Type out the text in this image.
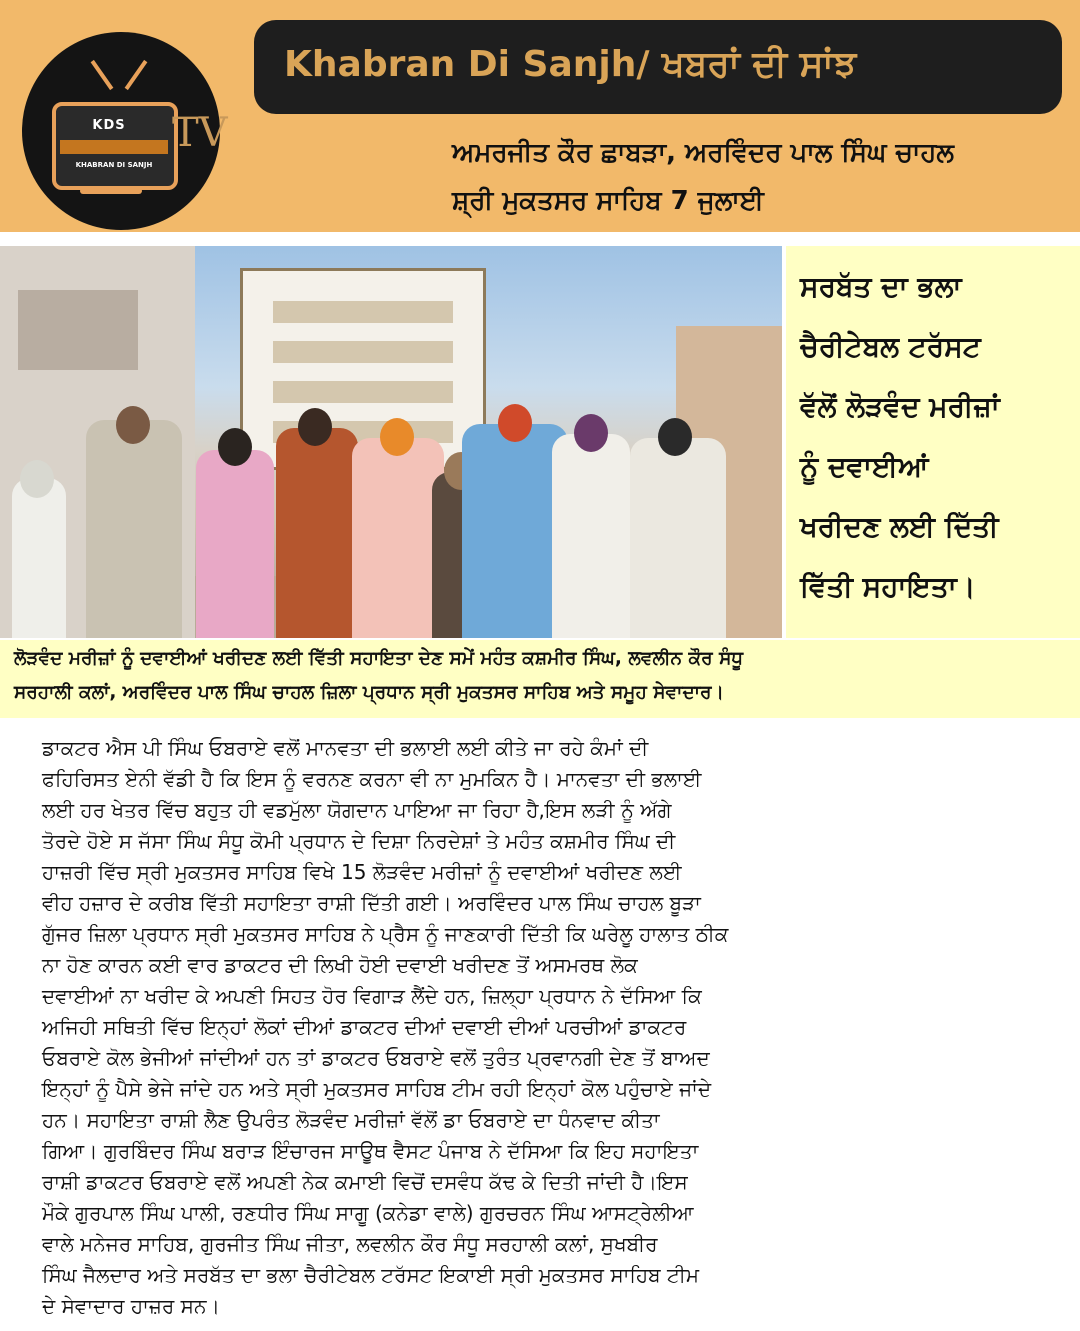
KDS
KHABRAN DI SANJH
TV
Khabran Di Sanjh/ ਖਬਰਾਂ ਦੀ ਸਾਂਝ
ਅਮਰਜੀਤ ਕੌਰ ਛਾਬੜਾ, ਅਰਵਿੰਦਰ ਪਾਲ ਸਿੰਘ ਚਾਹਲ
ਸ਼੍ਰੀ ਮੁਕਤਸਰ ਸਾਹਿਬ 7 ਜੁਲਾਈ
ਸਰਬੱਤ ਦਾ ਭਲਾ
ਚੈਰੀਟੇਬਲ ਟਰੱਸਟ
ਵੱਲੋਂ ਲੋੜਵੰਦ ਮਰੀਜ਼ਾਂ
ਨੂੰ ਦਵਾਈਆਂ
ਖਰੀਦਣ ਲਈ ਦਿੱਤੀ
ਵਿੱਤੀ ਸਹਾਇਤਾ।
ਲੋੜਵੰਦ ਮਰੀਜ਼ਾਂ ਨੂੰ ਦਵਾਈਆਂ ਖਰੀਦਣ ਲਈ ਵਿੱਤੀ ਸਹਾਇਤਾ ਦੇਣ ਸਮੇਂ ਮਹੰਤ ਕਸ਼ਮੀਰ ਸਿੰਘ, ਲਵਲੀਨ ਕੌਰ ਸੰਧੂ
ਸਰਹਾਲੀ ਕਲਾਂ, ਅਰਵਿੰਦਰ ਪਾਲ ਸਿੰਘ ਚਾਹਲ ਜ਼ਿਲਾ ਪ੍ਰਧਾਨ ਸ੍ਰੀ ਮੁਕਤਸਰ ਸਾਹਿਬ ਅਤੇ ਸਮੂਹ ਸੇਵਾਦਾਰ।
ਡਾਕਟਰ ਐਸ ਪੀ ਸਿੰਘ ਓਬਰਾਏ ਵਲੋਂ ਮਾਨਵਤਾ ਦੀ ਭਲਾਈ ਲਈ ਕੀਤੇ ਜਾ ਰਹੇ ਕੰਮਾਂ ਦੀ
ਫਹਿਰਿਸਤ ਏਨੀ ਵੱਡੀ ਹੈ ਕਿ ਇਸ ਨੂੰ ਵਰਨਣ ਕਰਨਾ ਵੀ ਨਾ ਮੁਮਕਿਨ ਹੈ। ਮਾਨਵਤਾ ਦੀ ਭਲਾਈ
ਲਈ ਹਰ ਖੇਤਰ ਵਿੱਚ ਬਹੁਤ ਹੀ ਵਡਮੁੱਲਾ ਯੋਗਦਾਨ ਪਾਇਆ ਜਾ ਰਿਹਾ ਹੈ,ਇਸ ਲੜੀ ਨੂੰ ਅੱਗੇ
ਤੋਰਦੇ ਹੋਏ ਸ ਜੱਸਾ ਸਿੰਘ ਸੰਧੂ ਕੋਮੀ ਪ੍ਰਧਾਨ ਦੇ ਦਿਸ਼ਾ ਨਿਰਦੇਸ਼ਾਂ ਤੇ ਮਹੰਤ ਕਸ਼ਮੀਰ ਸਿੰਘ ਦੀ
ਹਾਜ਼ਰੀ ਵਿੱਚ ਸ੍ਰੀ ਮੁਕਤਸਰ ਸਾਹਿਬ ਵਿਖੇ 15 ਲੋੜਵੰਦ ਮਰੀਜ਼ਾਂ ਨੂੰ ਦਵਾਈਆਂ ਖਰੀਦਣ ਲਈ
ਵੀਹ ਹਜ਼ਾਰ ਦੇ ਕਰੀਬ ਵਿੱਤੀ ਸਹਾਇਤਾ ਰਾਸ਼ੀ ਦਿੱਤੀ ਗਈ। ਅਰਵਿੰਦਰ ਪਾਲ ਸਿੰਘ ਚਾਹਲ ਬੂੜਾ
ਗੁੱਜਰ ਜ਼ਿਲਾ ਪ੍ਰਧਾਨ ਸ੍ਰੀ ਮੁਕਤਸਰ ਸਾਹਿਬ ਨੇ ਪ੍ਰੈਸ ਨੂੰ ਜਾਣਕਾਰੀ ਦਿੱਤੀ ਕਿ ਘਰੇਲੂ ਹਾਲਾਤ ਠੀਕ
ਨਾ ਹੋਣ ਕਾਰਨ ਕਈ ਵਾਰ ਡਾਕਟਰ ਦੀ ਲਿਖੀ ਹੋਈ ਦਵਾਈ ਖਰੀਦਣ ਤੋਂ ਅਸਮਰਥ ਲੋਕ
ਦਵਾਈਆਂ ਨਾ ਖਰੀਦ ਕੇ ਅਪਣੀ ਸਿਹਤ ਹੋਰ ਵਿਗਾੜ ਲੈਂਦੇ ਹਨ, ਜ਼ਿਲ੍ਹਾ ਪ੍ਰਧਾਨ ਨੇ ਦੱਸਿਆ ਕਿ
ਅਜਿਹੀ ਸਥਿਤੀ ਵਿੱਚ ਇਨ੍ਹਾਂ ਲੋਕਾਂ ਦੀਆਂ ਡਾਕਟਰ ਦੀਆਂ ਦਵਾਈ ਦੀਆਂ ਪਰਚੀਆਂ ਡਾਕਟਰ
ਓਬਰਾਏ ਕੋਲ ਭੇਜੀਆਂ ਜਾਂਦੀਆਂ ਹਨ ਤਾਂ ਡਾਕਟਰ ਓਬਰਾਏ ਵਲੋਂ ਤੁਰੰਤ ਪ੍ਰਵਾਨਗੀ ਦੇਣ ਤੋਂ ਬਾਅਦ
ਇਨ੍ਹਾਂ ਨੂੰ ਪੈਸੇ ਭੇਜੇ ਜਾਂਦੇ ਹਨ ਅਤੇ ਸ੍ਰੀ ਮੁਕਤਸਰ ਸਾਹਿਬ ਟੀਮ ਰਹੀ ਇਨ੍ਹਾਂ ਕੋਲ ਪਹੁੰਚਾਏ ਜਾਂਦੇ
ਹਨ। ਸਹਾਇਤਾ ਰਾਸ਼ੀ ਲੈਣ ਉਪਰੰਤ ਲੋੜਵੰਦ ਮਰੀਜ਼ਾਂ ਵੱਲੋਂ ਡਾ ਓਬਰਾਏ ਦਾ ਧੰਨਵਾਦ ਕੀਤਾ
ਗਿਆ। ਗੁਰਬਿੰਦਰ ਸਿੰਘ ਬਰਾੜ ਇੰਚਾਰਜ ਸਾਊਥ ਵੈਸਟ ਪੰਜਾਬ ਨੇ ਦੱਸਿਆ ਕਿ ਇਹ ਸਹਾਇਤਾ
ਰਾਸ਼ੀ ਡਾਕਟਰ ਓਬਰਾਏ ਵਲੋਂ ਅਪਣੀ ਨੇਕ ਕਮਾਈ ਵਿਚੋਂ ਦਸਵੰਧ ਕੱਢ ਕੇ ਦਿਤੀ ਜਾਂਦੀ ਹੈ।ਇਸ
ਮੌਕੇ ਗੁਰਪਾਲ ਸਿੰਘ ਪਾਲੀ, ਰਣਧੀਰ ਸਿੰਘ ਸਾਗੂ (ਕਨੇਡਾ ਵਾਲੇ) ਗੁਰਚਰਨ ਸਿੰਘ ਆਸਟ੍ਰੇਲੀਆ
ਵਾਲੇ ਮਨੇਜਰ ਸਾਹਿਬ, ਗੁਰਜੀਤ ਸਿੰਘ ਜੀਤਾ, ਲਵਲੀਨ ਕੌਰ ਸੰਧੂ ਸਰਹਾਲੀ ਕਲਾਂ, ਸੁਖਬੀਰ
ਸਿੰਘ ਜੈਲਦਾਰ ਅਤੇ ਸਰਬੱਤ ਦਾ ਭਲਾ ਚੈਰੀਟੇਬਲ ਟਰੱਸਟ ਇਕਾਈ ਸ੍ਰੀ ਮੁਕਤਸਰ ਸਾਹਿਬ ਟੀਮ
ਦੇ ਸੇਵਾਦਾਰ ਹਾਜ਼ਰ ਸਨ।
